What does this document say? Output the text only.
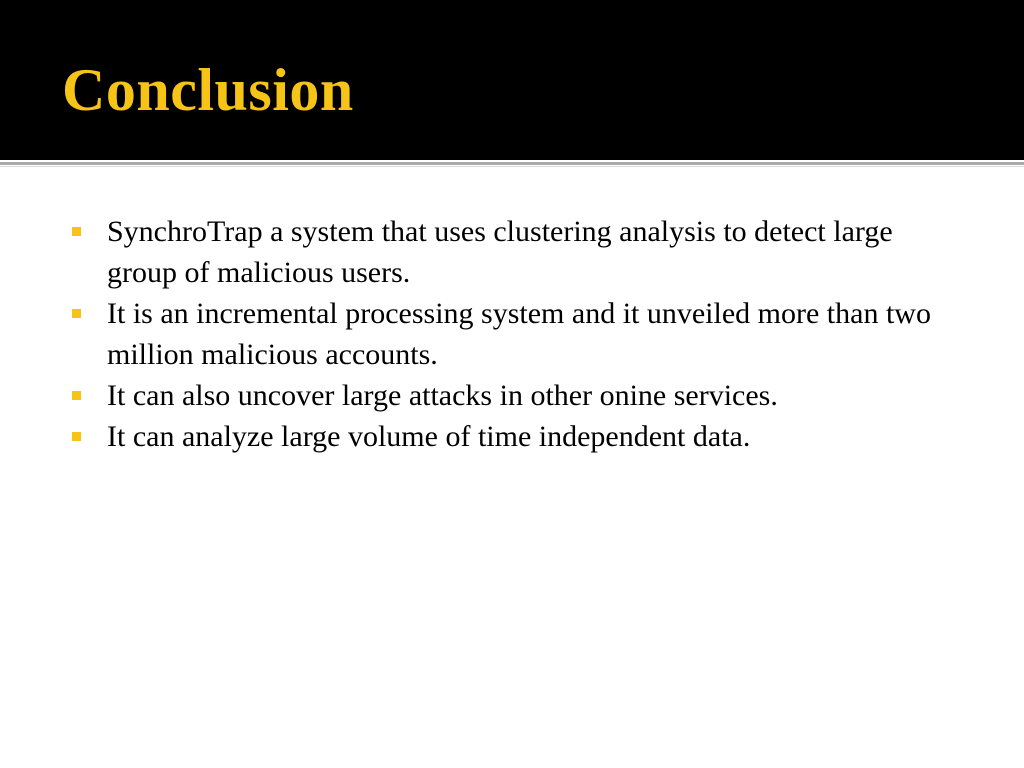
Conclusion
SynchroTrap a system that uses clustering analysis to detect large group of malicious users.
It is an incremental processing system and it unveiled more than two million malicious accounts.
It can also uncover large attacks in other onine services.
It can analyze large volume of time independent data.
